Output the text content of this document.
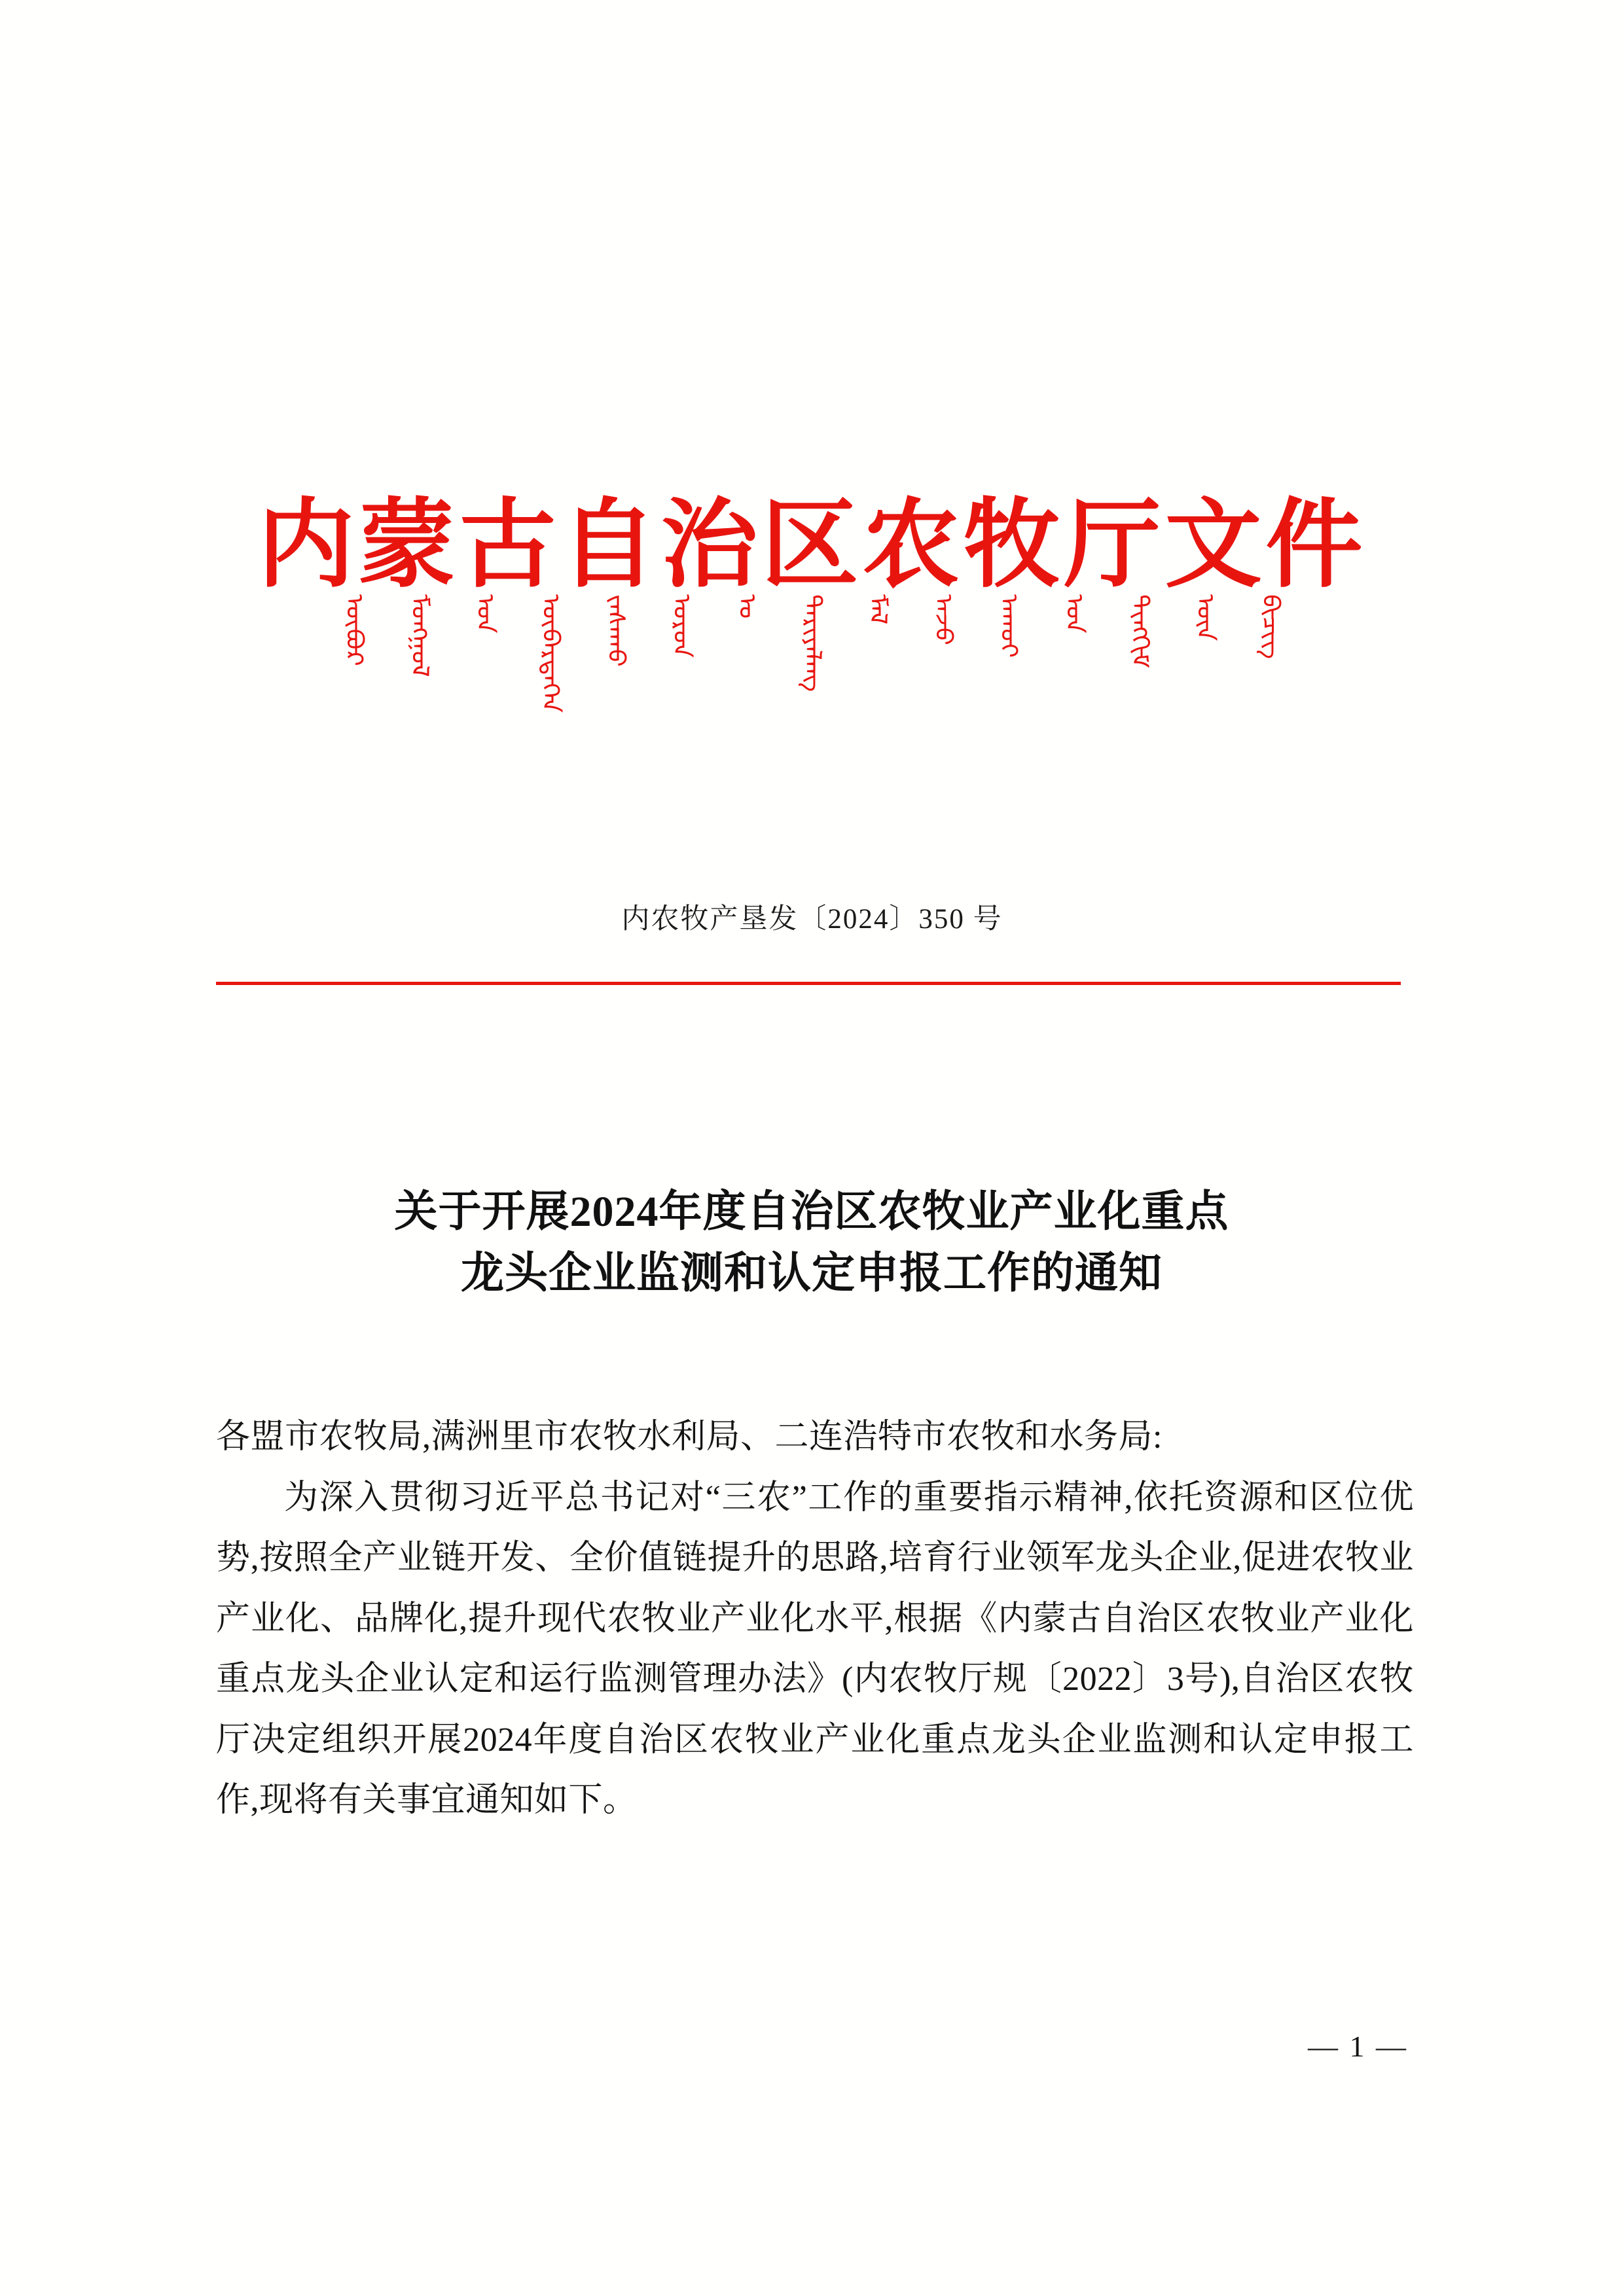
内蒙古自治区农牧厅文件
ᠦᠪᠦᠷ ᠮᠣᠩᠭᠣᠯ ᠤᠨ ᠥᠪᠡᠷᠲᠡᠭᠡᠨ ᠵᠠᠰᠠᠬᠤ ᠣᠷᠣᠨ ᠤ ᠲᠠᠷᠢᠶᠠᠯᠠᠩ ᠮᠠᠯ ᠠᠵᠤ ᠠᠬᠤᠢ ᠤᠨ ᠲᠢᠩᠬᠢᠮ ᠦᠨ ᠪᠢᠴᠢᠭ
内农牧产垦发〔2024〕350 号
关于开展2024年度自治区农牧业产业化重点
龙头企业监测和认定申报工作的通知

各盟市农牧局,满洲里市农牧水利局、二连浩特市农牧和水务局:

为深入贯彻习近平总书记对“三农”工作的重要指示精神,依托资源和区位优势,按照全产业链开发、全价值链提升的思路,培育行业领军龙头企业,促进农牧业产业化、品牌化,提升现代农牧业产业化水平,根据《内蒙古自治区农牧业产业化重点龙头企业认定和运行监测管理办法》(内农牧厅规〔2022〕3号),自治区农牧厅决定组织开展2024年度自治区农牧业产业化重点龙头企业监测和认定申报工作,现将有关事宜通知如下。

— 1 —
